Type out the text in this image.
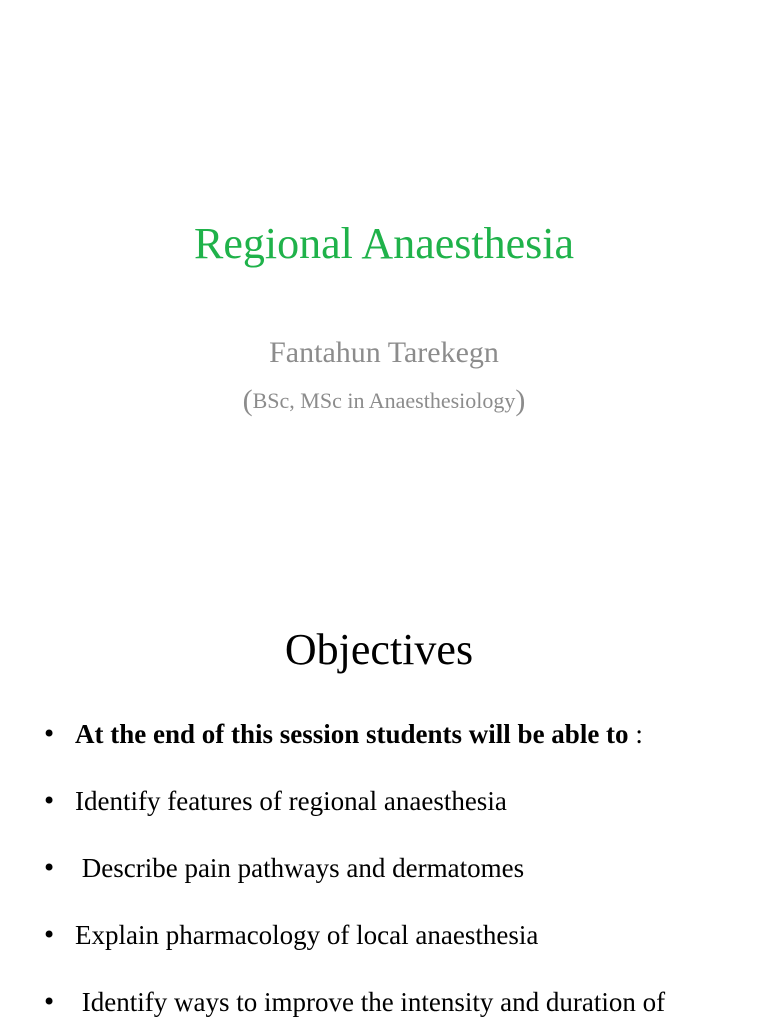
Regional Anaesthesia
Fantahun Tarekegn
(BSc, MSc in Anaesthesiology)
Objectives
• At the end of this session students will be able to :
• Identify features of regional anaesthesia
• Describe pain pathways and dermatomes
• Explain pharmacology of local anaesthesia
• Identify ways to improve the intensity and duration of
